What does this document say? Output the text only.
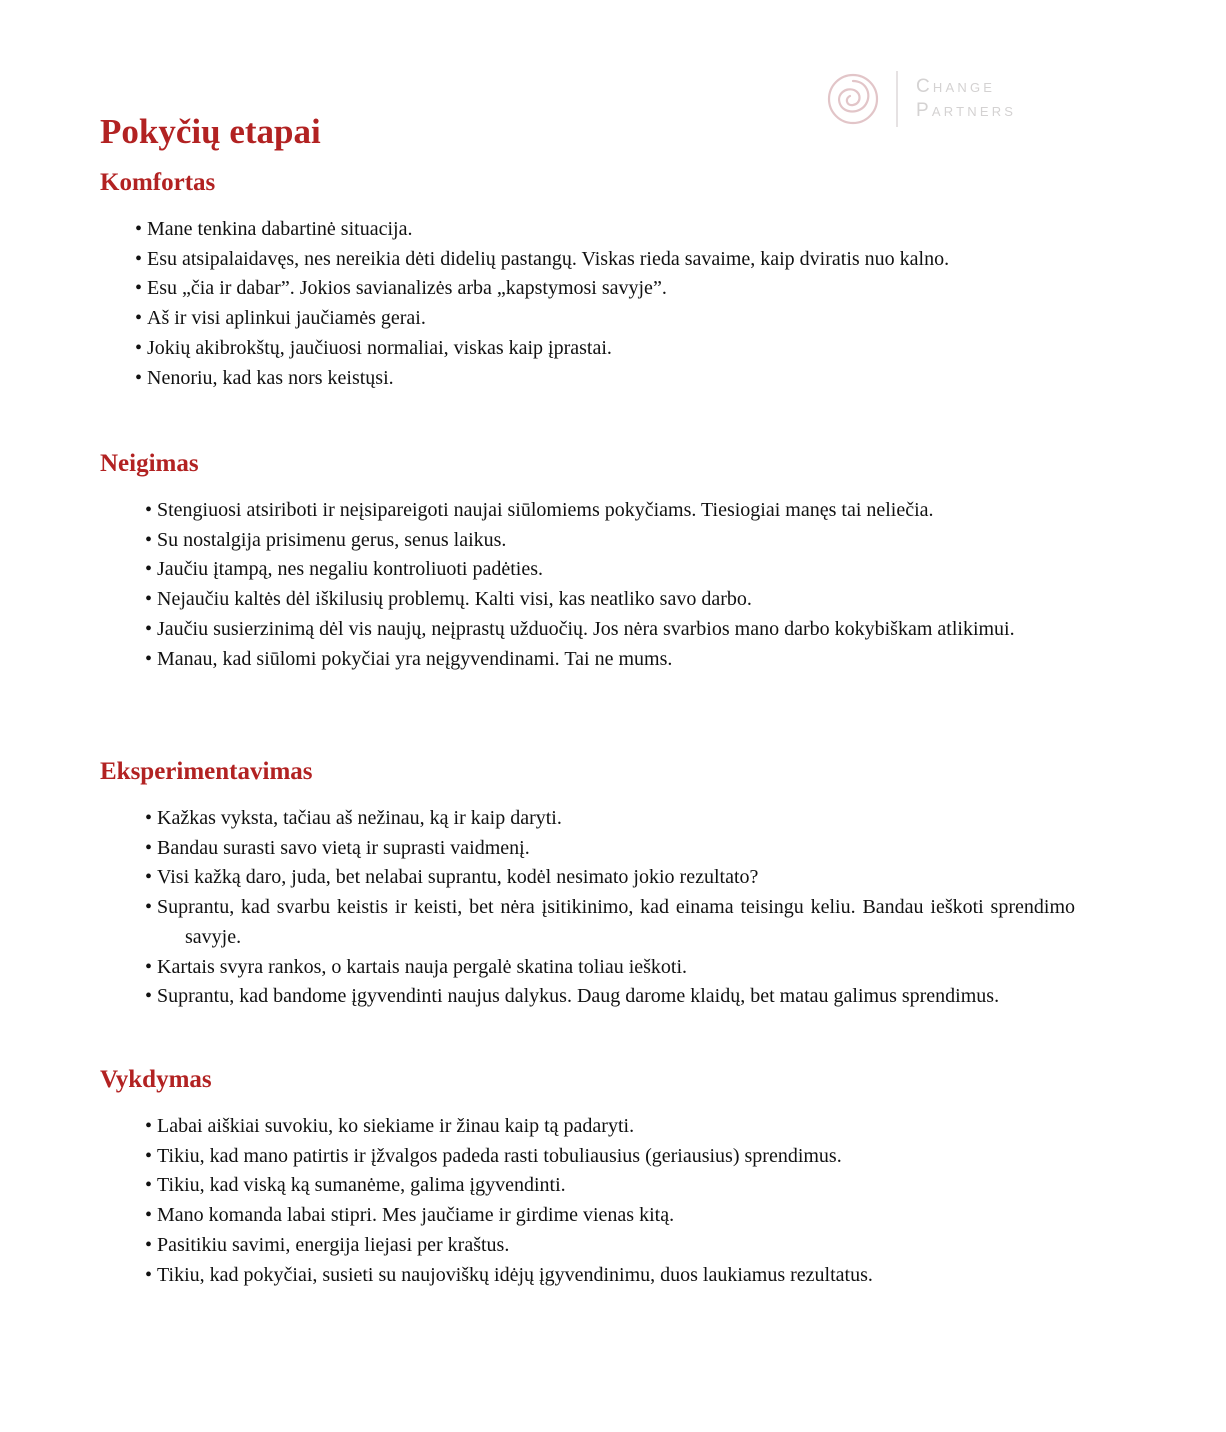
Change
Partners
Pokyčių etapai
Komfortas
• Mane tenkina dabartinė situacija.
• Esu atsipalaidavęs, nes nereikia dėti didelių pastangų. Viskas rieda savaime, kaip dviratis nuo kalno.
• Esu „čia ir dabar”. Jokios savianalizės arba „kapstymosi savyje”.
• Aš ir visi aplinkui jaučiamės gerai.
• Jokių akibrokštų, jaučiuosi normaliai, viskas kaip įprastai.
• Nenoriu, kad kas nors keistųsi.
Neigimas
• Stengiuosi atsiriboti ir neįsipareigoti naujai siūlomiems pokyčiams. Tiesiogiai manęs tai neliečia.
• Su nostalgija prisimenu gerus, senus laikus.
• Jaučiu įtampą, nes negaliu kontroliuoti padėties.
• Nejaučiu kaltės dėl iškilusių problemų. Kalti visi, kas neatliko savo darbo.
• Jaučiu susierzinimą dėl vis naujų, neįprastų užduočių. Jos nėra svarbios mano darbo kokybiškam atlikimui.
• Manau, kad siūlomi pokyčiai yra neįgyvendinami. Tai ne mums.
Eksperimentavimas
• Kažkas vyksta, tačiau aš nežinau, ką ir kaip daryti.
• Bandau surasti savo vietą ir suprasti vaidmenį.
• Visi kažką daro, juda, bet nelabai suprantu, kodėl nesimato jokio rezultato?
• Suprantu, kad svarbu keistis ir keisti, bet nėra įsitikinimo, kad einama teisingu keliu. Bandau ieškoti sprendimo savyje.
• Kartais svyra rankos, o kartais nauja pergalė skatina toliau ieškoti.
• Suprantu, kad bandome įgyvendinti naujus dalykus. Daug darome klaidų, bet matau galimus sprendimus.
Vykdymas
• Labai aiškiai suvokiu, ko siekiame ir žinau kaip tą padaryti.
• Tikiu, kad mano patirtis ir įžvalgos padeda rasti tobuliausius (geriausius) sprendimus.
• Tikiu, kad viską ką sumanėme, galima įgyvendinti.
• Mano komanda labai stipri. Mes jaučiame ir girdime vienas kitą.
• Pasitikiu savimi, energija liejasi per kraštus.
• Tikiu, kad pokyčiai, susieti su naujoviškų idėjų įgyvendinimu, duos laukiamus rezultatus.
